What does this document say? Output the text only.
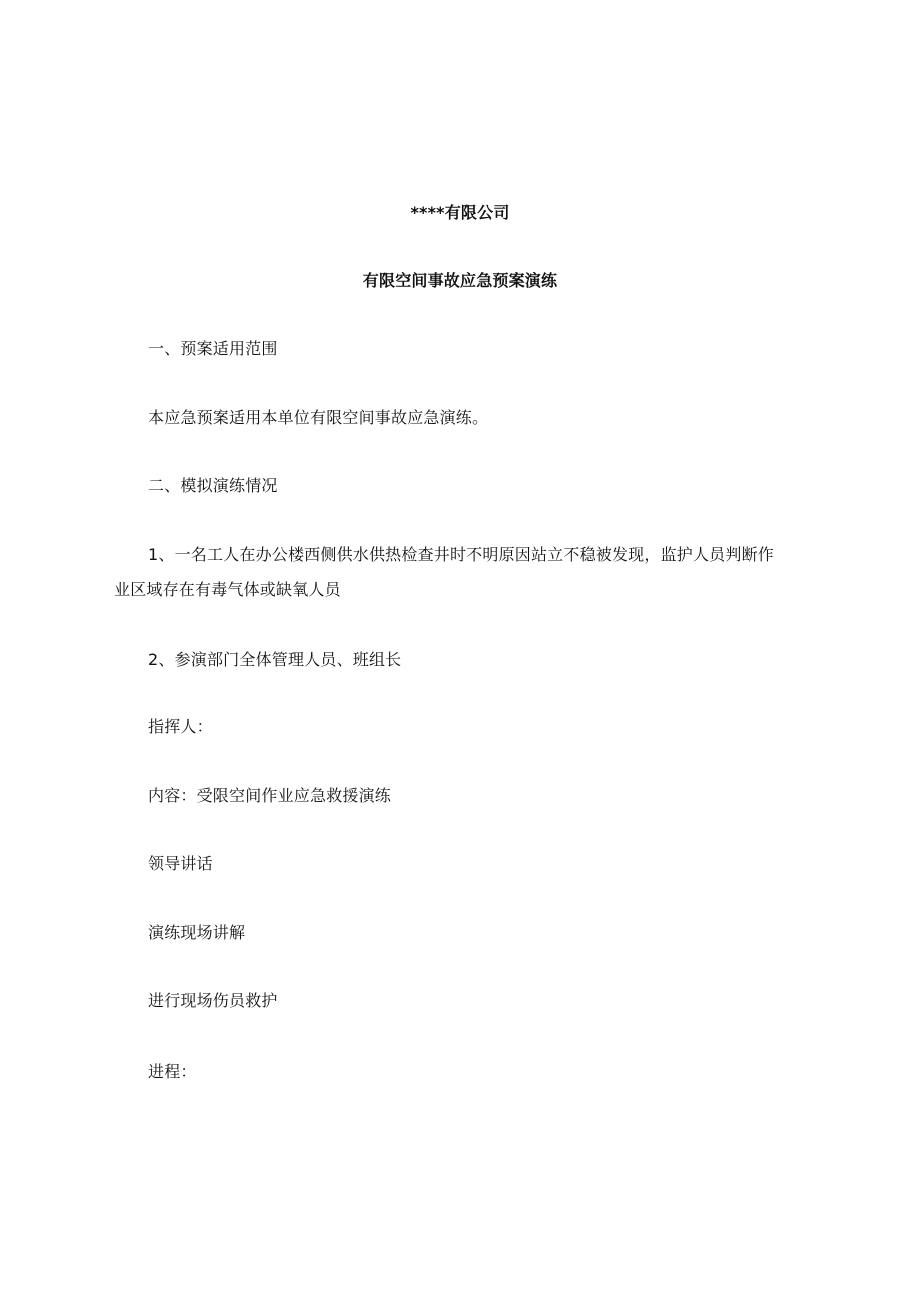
****有限公司
有限空间事故应急预案演练
一、预案适用范围
本应急预案适用本单位有限空间事故应急演练。
二、模拟演练情况
1、一名工人在办公楼西侧供水供热检查井时不明原因站立不稳被发现，监护人员判断作
业区域存在有毒气体或缺氧人员
2、参演部门全体管理人员、班组长
指挥人：
内容：受限空间作业应急救援演练
领导讲话
演练现场讲解
进行现场伤员救护
进程：
